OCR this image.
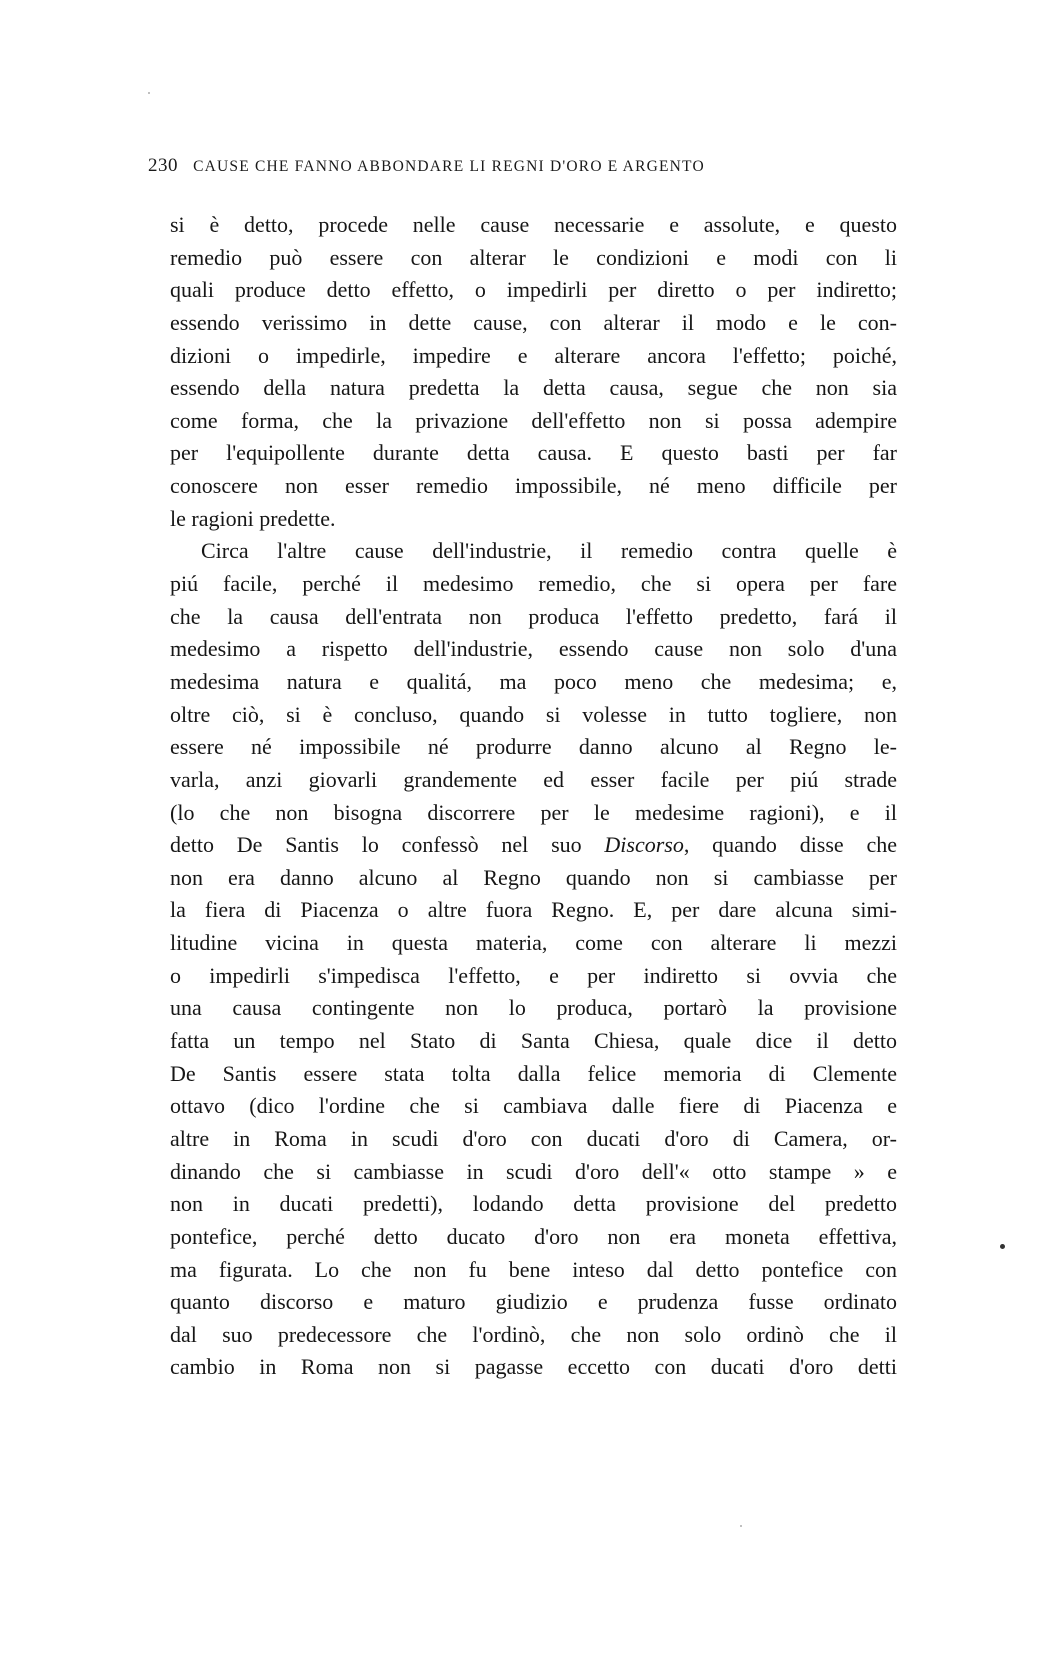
230 CAUSE CHE FANNO ABBONDARE LI REGNI D'ORO E ARGENTO
si è detto, procede nelle cause necessarie e assolute, e questo
remedio può essere con alterar le condizioni e modi con li
quali produce detto effetto, o impedirli per diretto o per indiretto;
essendo verissimo in dette cause, con alterar il modo e le con-
dizioni o impedirle, impedire e alterare ancora l'effetto; poiché,
essendo della natura predetta la detta causa, segue che non sia
come forma, che la privazione dell'effetto non si possa adempire
per l'equipollente durante detta causa. E questo basti per far
conoscere non esser remedio impossibile, né meno difficile per
le ragioni predette.
Circa l'altre cause dell'industrie, il remedio contra quelle è
piú facile, perché il medesimo remedio, che si opera per fare
che la causa dell'entrata non produca l'effetto predetto, fará il
medesimo a rispetto dell'industrie, essendo cause non solo d'una
medesima natura e qualitá, ma poco meno che medesima; e,
oltre ciò, si è concluso, quando si volesse in tutto togliere, non
essere né impossibile né produrre danno alcuno al Regno le-
varla, anzi giovarli grandemente ed esser facile per piú strade
(lo che non bisogna discorrere per le medesime ragioni), e il
detto De Santis lo confessò nel suo Discorso, quando disse che
non era danno alcuno al Regno quando non si cambiasse per
la fiera di Piacenza o altre fuora Regno. E, per dare alcuna simi-
litudine vicina in questa materia, come con alterare li mezzi
o impedirli s'impedisca l'effetto, e per indiretto si ovvia che
una causa contingente non lo produca, portarò la provisione
fatta un tempo nel Stato di Santa Chiesa, quale dice il detto
De Santis essere stata tolta dalla felice memoria di Clemente
ottavo (dico l'ordine che si cambiava dalle fiere di Piacenza e
altre in Roma in scudi d'oro con ducati d'oro di Camera, or-
dinando che si cambiasse in scudi d'oro dell'« otto stampe » e
non in ducati predetti), lodando detta provisione del predetto
pontefice, perché detto ducato d'oro non era moneta effettiva,
ma figurata. Lo che non fu bene inteso dal detto pontefice con
quanto discorso e maturo giudizio e prudenza fusse ordinato
dal suo predecessore che l'ordinò, che non solo ordinò che il
cambio in Roma non si pagasse eccetto con ducati d'oro detti
